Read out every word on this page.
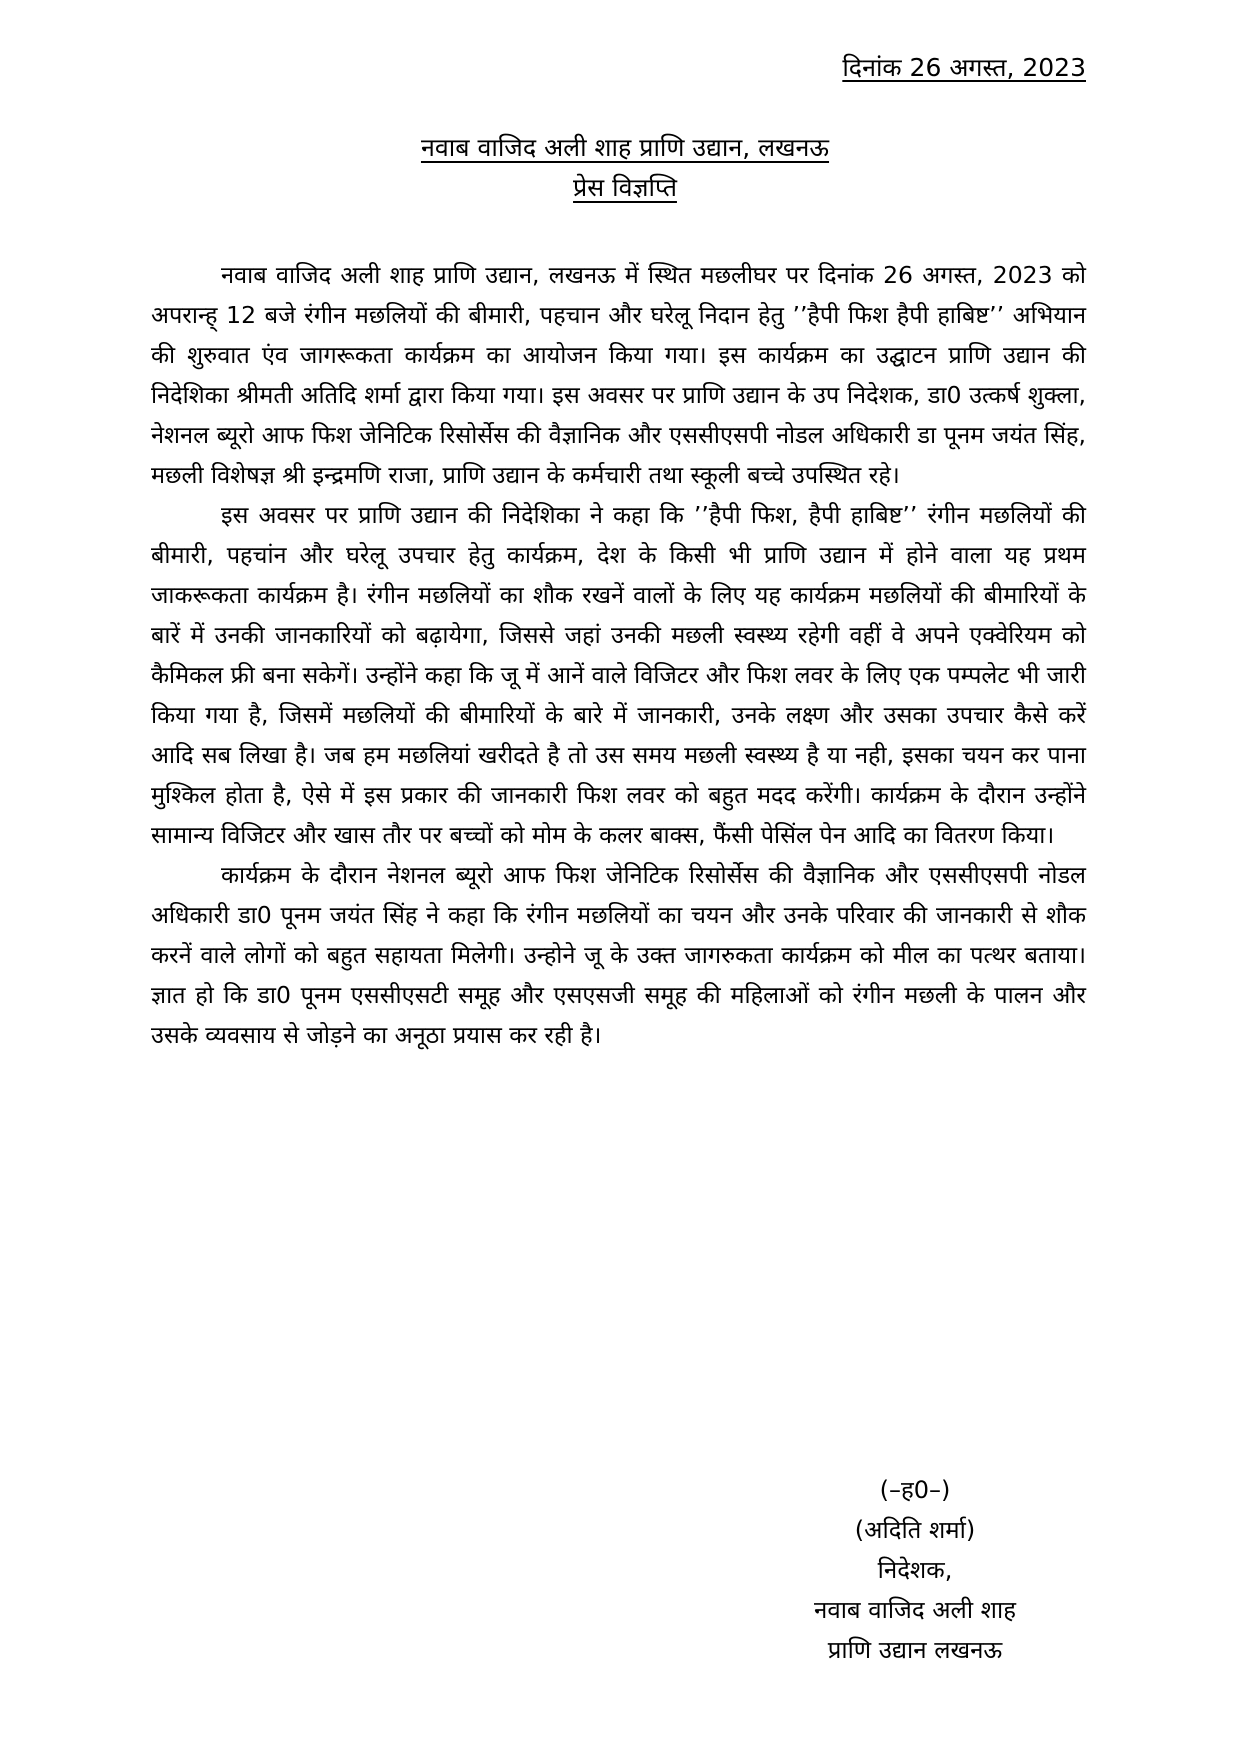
दिनांक 26 अगस्त, 2023
नवाब वाजिद अली शाह प्राणि उद्यान, लखनऊ
प्रेस विज्ञप्ति

नवाब वाजिद अली शाह प्राणि उद्यान, लखनऊ में स्थित मछलीघर पर दिनांक 26 अगस्त, 2023 को अपरान्ह् 12 बजे रंगीन मछलियों की बीमारी, पहचान और घरेलू निदान हेतु ’’हैपी फिश हैपी हाबिष्ट’’ अभियान की शुरुवात एंव जागरूकता कार्यक्रम का आयोजन किया गया। इस कार्यक्रम का उद्घाटन प्राणि उद्यान की निदेशिका श्रीमती अतिदि शर्मा द्वारा किया गया। इस अवसर पर प्राणि उद्यान के उप निदेशक, डा0 उत्कर्ष शुक्ला, नेशनल ब्यूरो आफ फिश जेनिटिक रिसोर्सेस की वैज्ञानिक और एससीएसपी नोडल अधिकारी डा पूनम जयंत सिंह, मछली विशेषज्ञ श्री इन्द्रमणि राजा, प्राणि उद्यान के कर्मचारी तथा स्कूली बच्चे उपस्थित रहे।

इस अवसर पर प्राणि उद्यान की निदेशिका ने कहा कि ’’हैपी फिश, हैपी हाबिष्ट’’ रंगीन मछलियों की बीमारी, पहचांन और घरेलू उपचार हेतु कार्यक्रम, देश के किसी भी प्राणि उद्यान में होने वाला यह प्रथम जाकरूकता कार्यक्रम है। रंगीन मछलियों का शौक रखनें वालों के लिए यह कार्यक्रम मछलियों की बीमारियों के बारें में उनकी जानकारियों को बढ़ायेगा, जिससे जहां उनकी मछली स्वस्थ्य रहेगी वहीं वे अपने एक्वेरियम को कैमिकल फ्री बना सकेगें। उन्होंने कहा कि जू में आनें वाले विजिटर और फिश लवर के लिए एक पम्पलेट भी जारी किया गया है, जिसमें मछलियों की बीमारियों के बारे में जानकारी, उनके लक्ष्ण और उसका उपचार कैसे करें आदि सब लिखा है। जब हम मछलियां खरीदते है तो उस समय मछली स्वस्थ्य है या नही, इसका चयन कर पाना मुश्किल होता है, ऐसे में इस प्रकार की जानकारी फिश लवर को बहुत मदद करेंगी। कार्यक्रम के दौरान उन्होंने सामान्य विजिटर और खास तौर पर बच्चों को मोम के कलर बाक्स, फैंसी पेसिंल पेन आदि का वितरण किया।

कार्यक्रम के दौरान नेशनल ब्यूरो आफ फिश जेनिटिक रिसोर्सेस की वैज्ञानिक और एससीएसपी नोडल अधिकारी डा0 पूनम जयंत सिंह ने कहा कि रंगीन मछलियों का चयन और उनके परिवार की जानकारी से शौक करनें वाले लोगों को बहुत सहायता मिलेगी। उन्होने जू के उक्त जागरुकता कार्यक्रम को मील का पत्थर बताया। ज्ञात हो कि डा0 पूनम एससीएसटी समूह और एसएसजी समूह की महिलाओं को रंगीन मछली के पालन और उसके व्यवसाय से जोड़ने का अनूठा प्रयास कर रही है।

(–ह0–)
(अदिति शर्मा)
निदेशक,
नवाब वाजिद अली शाह
प्राणि उद्यान लखनऊ
